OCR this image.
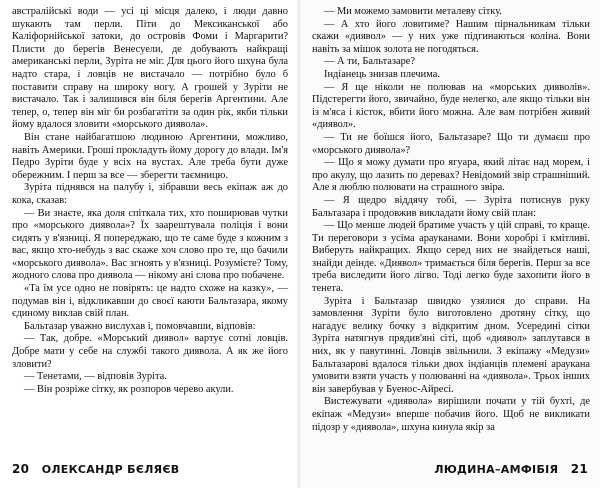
австралійські води — усі ці місця далеко, і люди давно шукають там перли. Піти до Мексиканської або Каліфорнійської затоки, до островів Фоми і Маргарити? Плисти до берегів Венесуели, де добувають найкращі американські перли, Зуріта не міг. Для цього його шхуна була надто стара, і ловців не вистачало — потрібно було б поставити справу на широку ногу. А грошей у Зуріти не вистачало. Так і залишився він біля берегів Аргентини. Але тепер, о, тепер він міг би розбагатіти за один рік, якби тільки йому вдалося зловити «морського диявола».

Він стане найбагатшою людиною Аргентини, можливо, навіть Америки. Гроші прокладуть йому дорогу до влади. Ім'я Педро Зуріти буде у всіх на вустах. Але треба бути дуже обережним. І перш за все — зберегти таємницю.

Зуріта піднявся на палубу і, зібравши весь екіпаж аж до кока, сказав:

— Ви знаєте, яка доля спіткала тих, хто поширював чутки про «морського диявола»? Їх заарештувала поліція і вони сидять у в'язниці. Я попереджаю, що те саме буде з кожним з вас, якщо хто-небудь з вас скаже хоч слово про те, що бачили «морського диявола». Вас згноять у в'язниці. Розумієте? Тому, жодного слова про диявола — нікому ані слова про побачене.

«Та їм усе одно не повірять: це надто схоже на казку», — подумав він і, відкликавши до своєї каюти Бальтазара, якому єдиному виклав свій план.

Бальтазар уважно вислухав і, помовчавши, відповів:

— Так, добре. «Морський диявол» вартує сотні ловців. Добре мати у себе на службі такого диявола. А як же його зловити?

— Тенетами, — відповів Зуріта.

— Він розріже сітку, як розпоров черево акули.

20 ОЛЕКСАНДР БЄЛЯЄВ

— Ми можемо замовити металеву сітку.

— А хто його ловитиме? Нашим пірнальникам тільки скажи «диявол» — у них уже підгинаються коліна. Вони навіть за мішок золота не погодяться.

— А ти, Бальтазаре?

Індіанець знизав плечима.

— Я ще ніколи не полював на «морських дияволів». Підстерегти його, звичайно, буде нелегко, але якщо тільки він із м'яса і кісток, вбити його можна. Але вам потрібен живий «диявол».

— Ти не боїшся його, Бальтазаре? Що ти думаєш про «морського диявола»?

— Що я можу думати про ягуара, який літає над морем, і про акулу, що лазить по деревах? Невідомий звір страшніший. Але я люблю полювати на страшного звіра.

— Я щедро віддячу тобі, — Зуріта потиснув руку Бальтазара і продовжив викладати йому свій план:

— Що менше людей братиме участь у цій справі, то краще. Ти переговори з усіма арауканами. Вони хоробрі і кмітливі. Виберуть найкращих. Якщо серед них не знайдеться наші, знайди деінде. «Диявол» тримається біля берегів. Перш за все треба виследити його лігво. Тоді легко буде захопити його в тенета.

Зуріта і Бальтазар швидко узялися до справи. На замовлення Зуріти було виготовлено дротяну сітку, що нагадує велику бочку з відкритим дном. Усередині сітки Зуріта натягнув прядив'яні сіті, щоб «диявол» заплутався в них, як у павутинні. Ловців звільнили. З екіпажу «Медузи» Бальтазарові вдалося тільки двох індіанців племені араукана умовити взяти участь у полюванні на «диявола». Трьох інших він завербував у Буенос-Айресі.

Вистежувати «диявола» вирішили почати у тій бухті, де екіпаж «Медузи» вперше побачив його. Щоб не викликати підозр у «диявола», шхуна кинула якір за

ЛЮДИНА–АМФІБІЯ 21
